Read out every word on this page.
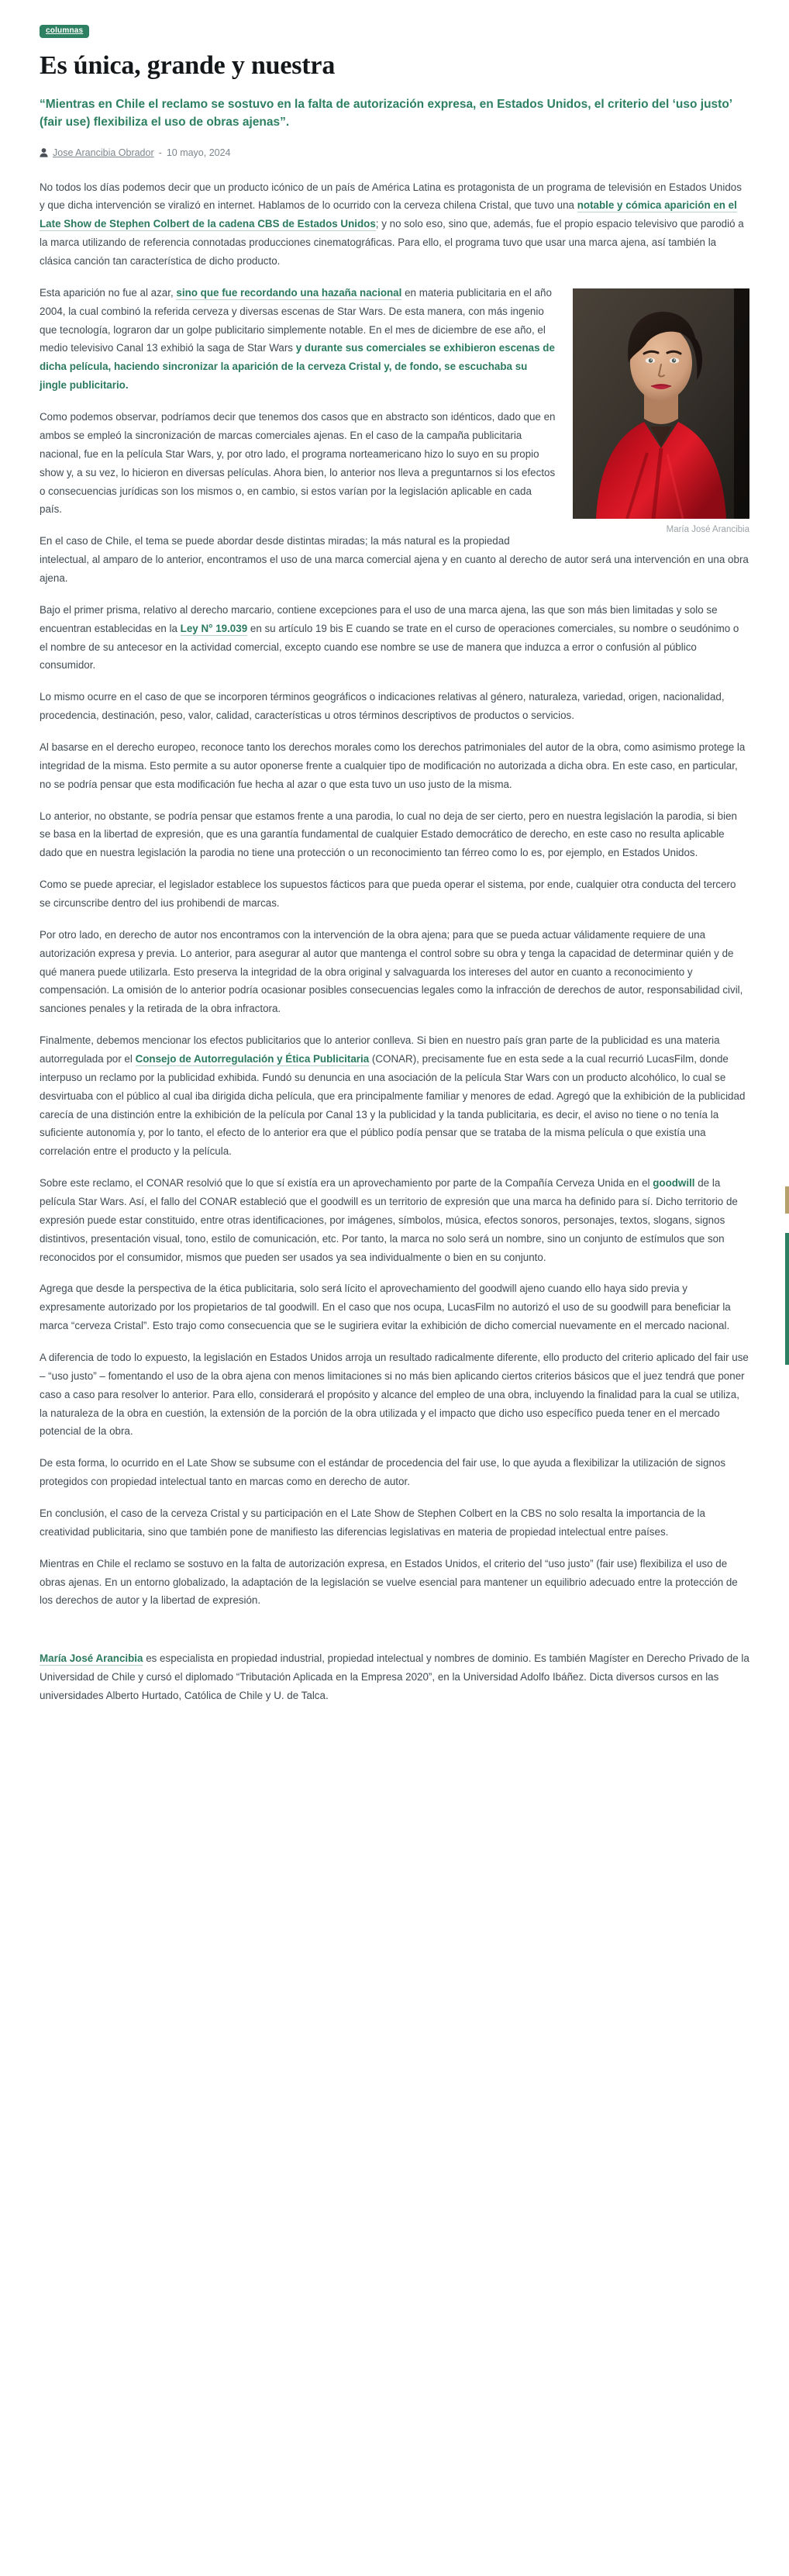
columnas
Es única, grande y nuestra
“Mientras en Chile el reclamo se sostuvo en la falta de autorización expresa, en Estados Unidos, el criterio del ‘uso justo’ (fair use) flexibiliza el uso de obras ajenas”.
Jose Arancibia Obrador - 10 mayo, 2024

No todos los días podemos decir que un producto icónico de un país de América Latina es protagonista de un programa de televisión en Estados Unidos y que dicha intervención se viralizó en internet. Hablamos de lo ocurrido con la cerveza chilena Cristal, que tuvo una notable y cómica aparición en el Late Show de Stephen Colbert de la cadena CBS de Estados Unidos; y no solo eso, sino que, además, fue el propio espacio televisivo que parodió a la marca utilizando de referencia connotadas producciones cinematográficas. Para ello, el programa tuvo que usar una marca ajena, así también la clásica canción tan característica de dicho producto.

María José Arancibia

Esta aparición no fue al azar, sino que fue recordando una hazaña nacional en materia publicitaria en el año 2004, la cual combinó la referida cerveza y diversas escenas de Star Wars. De esta manera, con más ingenio que tecnología, lograron dar un golpe publicitario simplemente notable. En el mes de diciembre de ese año, el medio televisivo Canal 13 exhibió la saga de Star Wars y durante sus comerciales se exhibieron escenas de dicha película, haciendo sincronizar la aparición de la cerveza Cristal y, de fondo, se escuchaba su jingle publicitario.

Como podemos observar, podríamos decir que tenemos dos casos que en abstracto son idénticos, dado que en ambos se empleó la sincronización de marcas comerciales ajenas. En el caso de la campaña publicitaria nacional, fue en la película Star Wars, y, por otro lado, el programa norteamericano hizo lo suyo en su propio show y, a su vez, lo hicieron en diversas películas. Ahora bien, lo anterior nos lleva a preguntarnos si los efectos o consecuencias jurídicas son los mismos o, en cambio, si estos varían por la legislación aplicable en cada país.

En el caso de Chile, el tema se puede abordar desde distintas miradas; la más natural es la propiedad intelectual, al amparo de lo anterior, encontramos el uso de una marca comercial ajena y en cuanto al derecho de autor será una intervención en una obra ajena.

Bajo el primer prisma, relativo al derecho marcario, contiene excepciones para el uso de una marca ajena, las que son más bien limitadas y solo se encuentran establecidas en la Ley N° 19.039 en su artículo 19 bis E cuando se trate en el curso de operaciones comerciales, su nombre o seudónimo o el nombre de su antecesor en la actividad comercial, excepto cuando ese nombre se use de manera que induzca a error o confusión al público consumidor.

Lo mismo ocurre en el caso de que se incorporen términos geográficos o indicaciones relativas al género, naturaleza, variedad, origen, nacionalidad, procedencia, destinación, peso, valor, calidad, características u otros términos descriptivos de productos o servicios.

Al basarse en el derecho europeo, reconoce tanto los derechos morales como los derechos patrimoniales del autor de la obra, como asimismo protege la integridad de la misma. Esto permite a su autor oponerse frente a cualquier tipo de modificación no autorizada a dicha obra. En este caso, en particular, no se podría pensar que esta modificación fue hecha al azar o que esta tuvo un uso justo de la misma.

Lo anterior, no obstante, se podría pensar que estamos frente a una parodia, lo cual no deja de ser cierto, pero en nuestra legislación la parodia, si bien se basa en la libertad de expresión, que es una garantía fundamental de cualquier Estado democrático de derecho, en este caso no resulta aplicable dado que en nuestra legislación la parodia no tiene una protección o un reconocimiento tan férreo como lo es, por ejemplo, en Estados Unidos.

Como se puede apreciar, el legislador establece los supuestos fácticos para que pueda operar el sistema, por ende, cualquier otra conducta del tercero se circunscribe dentro del ius prohibendi de marcas.

Por otro lado, en derecho de autor nos encontramos con la intervención de la obra ajena; para que se pueda actuar válidamente requiere de una autorización expresa y previa. Lo anterior, para asegurar al autor que mantenga el control sobre su obra y tenga la capacidad de determinar quién y de qué manera puede utilizarla. Esto preserva la integridad de la obra original y salvaguarda los intereses del autor en cuanto a reconocimiento y compensación. La omisión de lo anterior podría ocasionar posibles consecuencias legales como la infracción de derechos de autor, responsabilidad civil, sanciones penales y la retirada de la obra infractora.

Finalmente, debemos mencionar los efectos publicitarios que lo anterior conlleva. Si bien en nuestro país gran parte de la publicidad es una materia autorregulada por el Consejo de Autorregulación y Ética Publicitaria (CONAR), precisamente fue en esta sede a la cual recurrió LucasFilm, donde interpuso un reclamo por la publicidad exhibida. Fundó su denuncia en una asociación de la película Star Wars con un producto alcohólico, lo cual se desvirtuaba con el público al cual iba dirigida dicha película, que era principalmente familiar y menores de edad. Agregó que la exhibición de la publicidad carecía de una distinción entre la exhibición de la película por Canal 13 y la publicidad y la tanda publicitaria, es decir, el aviso no tiene o no tenía la suficiente autonomía y, por lo tanto, el efecto de lo anterior era que el público podía pensar que se trataba de la misma película o que existía una correlación entre el producto y la película.

Sobre este reclamo, el CONAR resolvió que lo que sí existía era un aprovechamiento por parte de la Compañía Cerveza Unida en el goodwill de la película Star Wars. Así, el fallo del CONAR estableció que el goodwill es un territorio de expresión que una marca ha definido para sí. Dicho territorio de expresión puede estar constituido, entre otras identificaciones, por imágenes, símbolos, música, efectos sonoros, personajes, textos, slogans, signos distintivos, presentación visual, tono, estilo de comunicación, etc. Por tanto, la marca no solo será un nombre, sino un conjunto de estímulos que son reconocidos por el consumidor, mismos que pueden ser usados ya sea individualmente o bien en su conjunto.

Agrega que desde la perspectiva de la ética publicitaria, solo será lícito el aprovechamiento del goodwill ajeno cuando ello haya sido previa y expresamente autorizado por los propietarios de tal goodwill. En el caso que nos ocupa, LucasFilm no autorizó el uso de su goodwill para beneficiar la marca “cerveza Cristal”. Esto trajo como consecuencia que se le sugiriera evitar la exhibición de dicho comercial nuevamente en el mercado nacional.

A diferencia de todo lo expuesto, la legislación en Estados Unidos arroja un resultado radicalmente diferente, ello producto del criterio aplicado del fair use – “uso justo” – fomentando el uso de la obra ajena con menos limitaciones si no más bien aplicando ciertos criterios básicos que el juez tendrá que poner caso a caso para resolver lo anterior. Para ello, considerará el propósito y alcance del empleo de una obra, incluyendo la finalidad para la cual se utiliza, la naturaleza de la obra en cuestión, la extensión de la porción de la obra utilizada y el impacto que dicho uso específico pueda tener en el mercado potencial de la obra.

De esta forma, lo ocurrido en el Late Show se subsume con el estándar de procedencia del fair use, lo que ayuda a flexibilizar la utilización de signos protegidos con propiedad intelectual tanto en marcas como en derecho de autor.

En conclusión, el caso de la cerveza Cristal y su participación en el Late Show de Stephen Colbert en la CBS no solo resalta la importancia de la creatividad publicitaria, sino que también pone de manifiesto las diferencias legislativas en materia de propiedad intelectual entre países.

Mientras en Chile el reclamo se sostuvo en la falta de autorización expresa, en Estados Unidos, el criterio del “uso justo” (fair use) flexibiliza el uso de obras ajenas. En un entorno globalizado, la adaptación de la legislación se vuelve esencial para mantener un equilibrio adecuado entre la protección de los derechos de autor y la libertad de expresión.

María José Arancibia es especialista en propiedad industrial, propiedad intelectual y nombres de dominio. Es también Magíster en Derecho Privado de la Universidad de Chile y cursó el diplomado “Tributación Aplicada en la Empresa 2020”, en la Universidad Adolfo Ibáñez. Dicta diversos cursos en las universidades Alberto Hurtado, Católica de Chile y U. de Talca.
